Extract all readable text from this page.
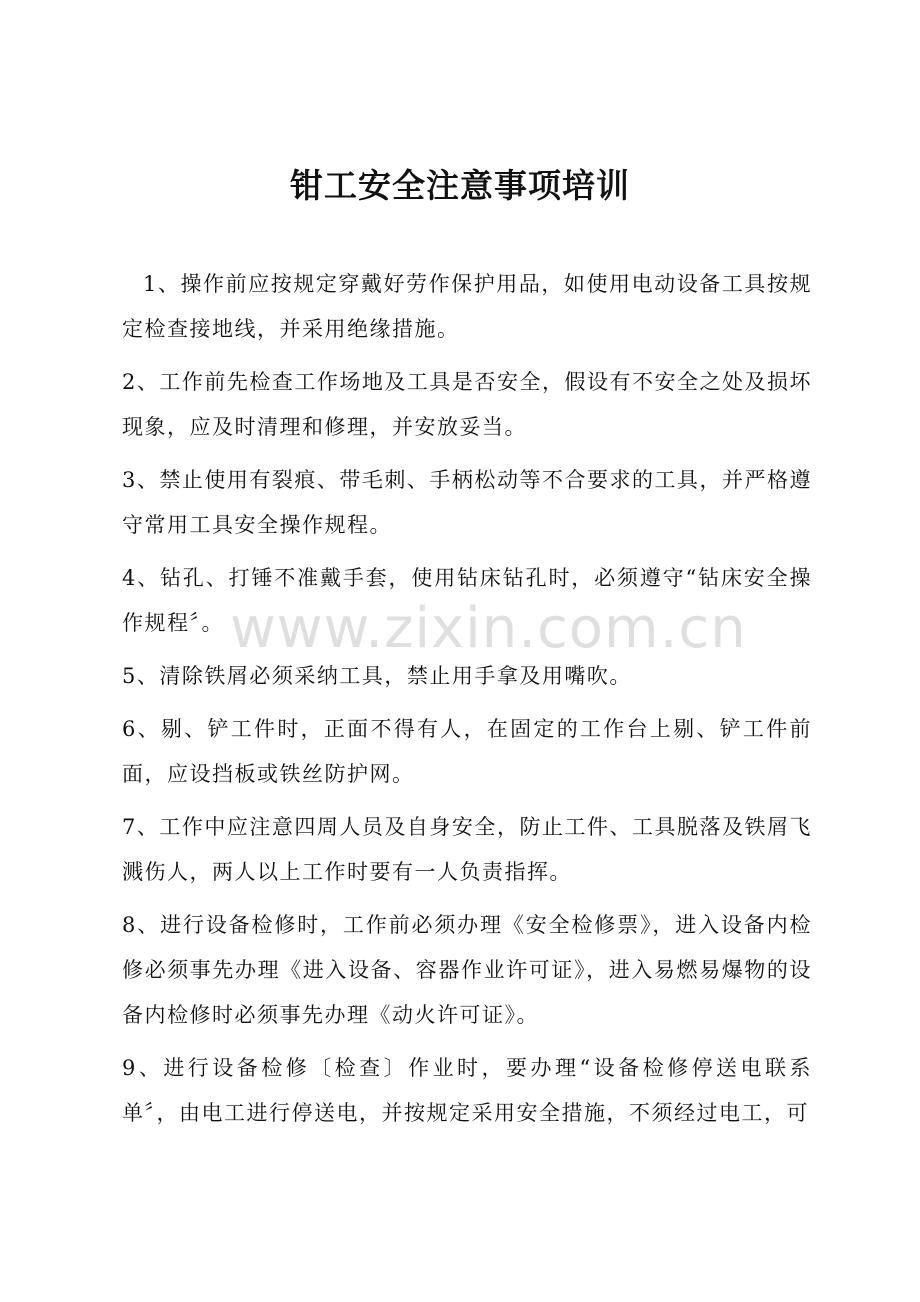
钳工安全注意事项培训

1、操作前应按规定穿戴好劳作保护用品，如使用电动设备工具按规定检查接地线，并采用绝缘措施。

2、工作前先检查工作场地及工具是否安全，假设有不安全之处及损坏现象，应及时清理和修理，并安放妥当。

3、禁止使用有裂痕、带毛刺、手柄松动等不合要求的工具，并严格遵守常用工具安全操作规程。

4、钻孔、打锤不准戴手套，使用钻床钻孔时，必须遵守“钻床安全操作规程〞。

5、清除铁屑必须采纳工具，禁止用手拿及用嘴吹。

6、剔、铲工件时，正面不得有人，在固定的工作台上剔、铲工件前面，应设挡板或铁丝防护网。

7、工作中应注意四周人员及自身安全，防止工件、工具脱落及铁屑飞溅伤人，两人以上工作时要有一人负责指挥。

8、进行设备检修时，工作前必须办理《安全检修票》，进入设备内检修必须事先办理《进入设备、容器作业许可证》，进入易燃易爆物的设备内检修时必须事先办理《动火许可证》。

9、进行设备检修〔检查〕作业时，要办理“设备检修停送电联系单〞，由电工进行停送电，并按规定采用安全措施，不须经过电工，可

www.zixin.com.cn
